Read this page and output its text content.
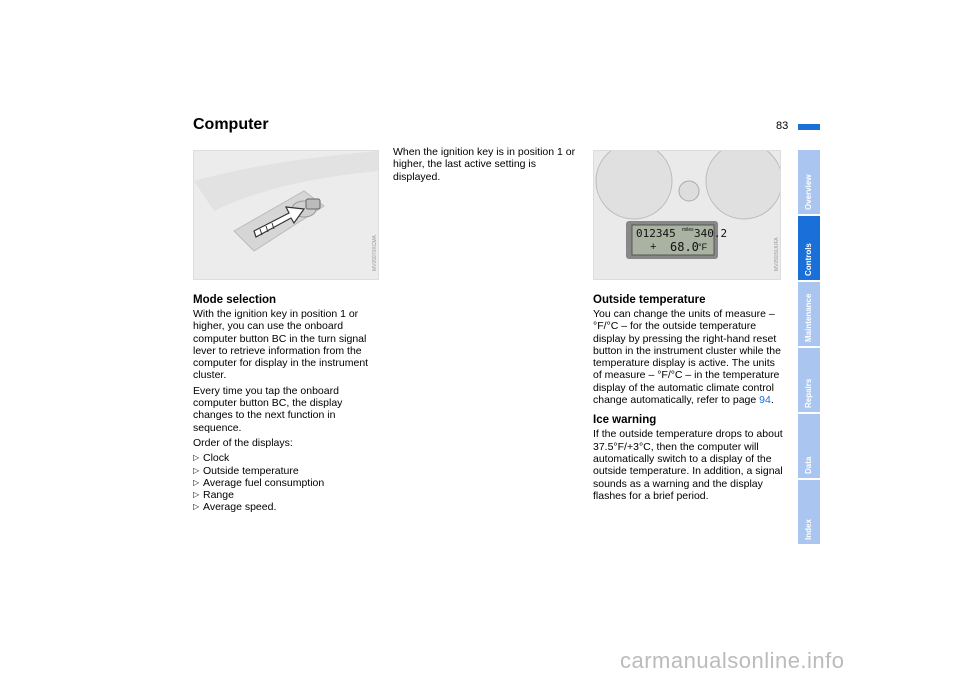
Computer	83
MV05970XCMA
012345 miles 340.2
+ 68.0 °F	MV05930JUFA
Mode selection
With the ignition key in position 1 or higher, you can use the onboard computer button BC in the turn signal lever to retrieve information from the computer for display in the instrument cluster.
Every time you tap the onboard computer button BC, the display changes to the next function in sequence.
Order of the displays:
▷ Clock
▷ Outside temperature
▷ Average fuel consumption
▷ Range
▷ Average speed.
When the ignition key is in position 1 or higher, the last active setting is displayed.
Outside temperature
You can change the units of measure – °F/°C – for the outside temperature display by pressing the right-hand reset button in the instrument cluster while the temperature display is active. The units of measure – °F/°C – in the temperature display of the automatic climate control change automatically, refer to page 94.
Ice warning
If the outside temperature drops to about 37.5°F/+3°C, then the computer will automatically switch to a display of the outside temperature. In addition, a signal sounds as a warning and the display flashes for a brief period.
Overview
Controls
Maintenance
Repairs
Data
Index
carmanualsonline.info
